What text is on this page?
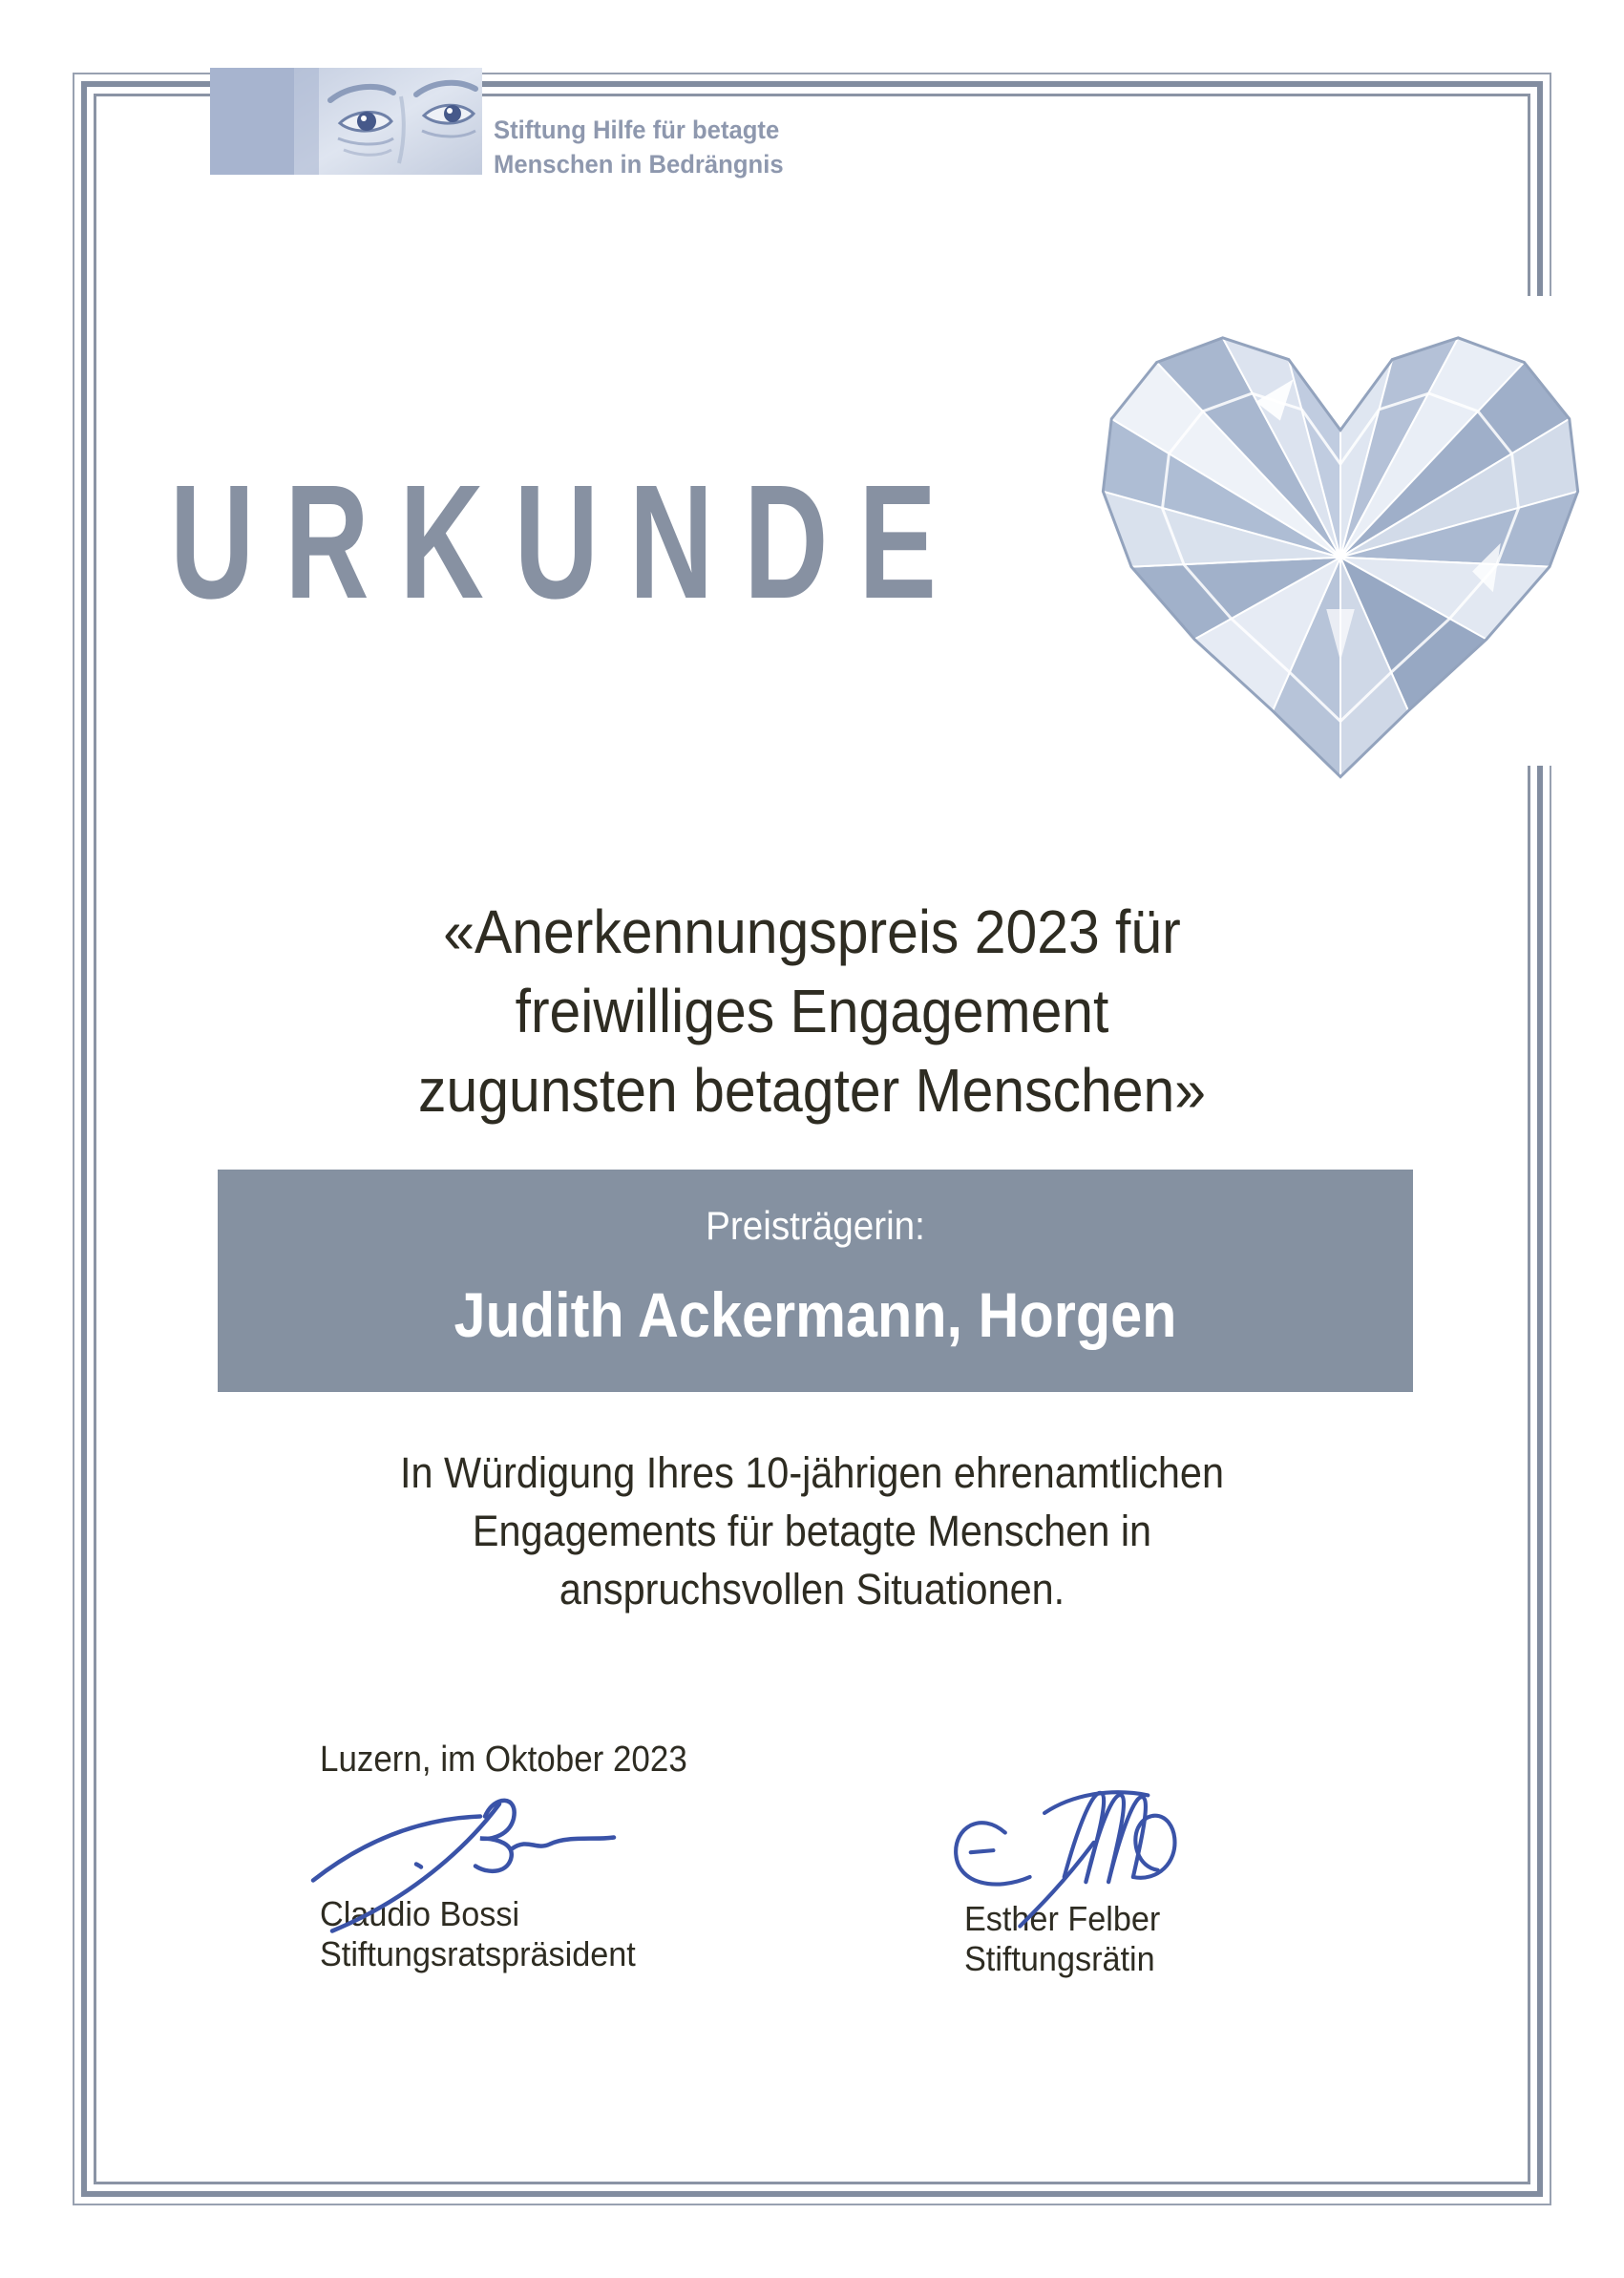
Stiftung Hilfe für betagte
Menschen in Bedrängnis
URKUNDE
«Anerkennungspreis 2023 für
freiwilliges Engagement
zugunsten betagter Menschen»
Preisträgerin:
Judith Ackermann, Horgen
In Würdigung Ihres 10-jährigen ehrenamtlichen
Engagements für betagte Menschen in
anspruchsvollen Situationen.
Luzern, im Oktober 2023
Claudio Bossi
Stiftungsratspräsident
Esther Felber
Stiftungsrätin
